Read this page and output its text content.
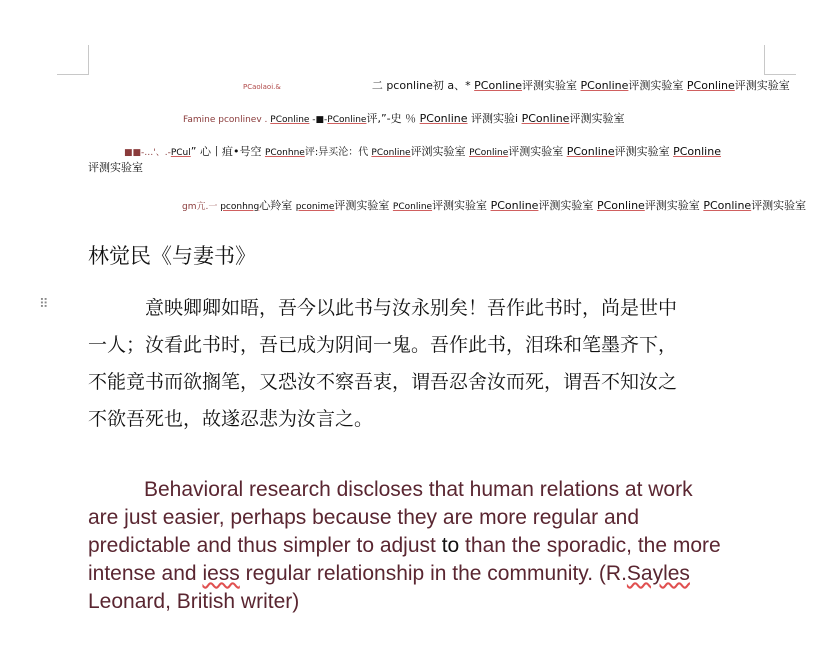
PCaolaoi.&	二 pconline初 a、* PConline评测实验室 PConline评测实验室 PConline评测实验室
Famine pconlinev . PConline -■-PConline评,”-史 ％ PConline 评测实验ⅰ PConline评测实验室
■■-…'、.-PCul” 心丨疽•号空 PConhne评:异买沦：代 PConline评浏实验室 PConline评测实验室 PConline评测实验室 PConline
评测实验室
gm亢.一 pconhng心羚室 pconime评测实验室 PConline评测实验室 PConline评测实验室 PConline评测实验室 PConline评测实验室
林觉民《与妻书》
⠿	意映卿卿如晤，吾今以此书与汝永别矣！吾作此书时，尚是世中一人；汝看此书时，吾已成为阴间一鬼。吾作此书，泪珠和笔墨齐下，不能竟书而欲搁笔，又恐汝不察吾衷，谓吾忍舍汝而死，谓吾不知汝之不欲吾死也，故遂忍悲为汝言之。

Behavioral research discloses that human relations at work are just easier, perhaps because they are more regular and predictable and thus simpler to adjust to than the sporadic, the more intense and iess regular relationship in the community. (R.Sayles Leonard, British writer)
